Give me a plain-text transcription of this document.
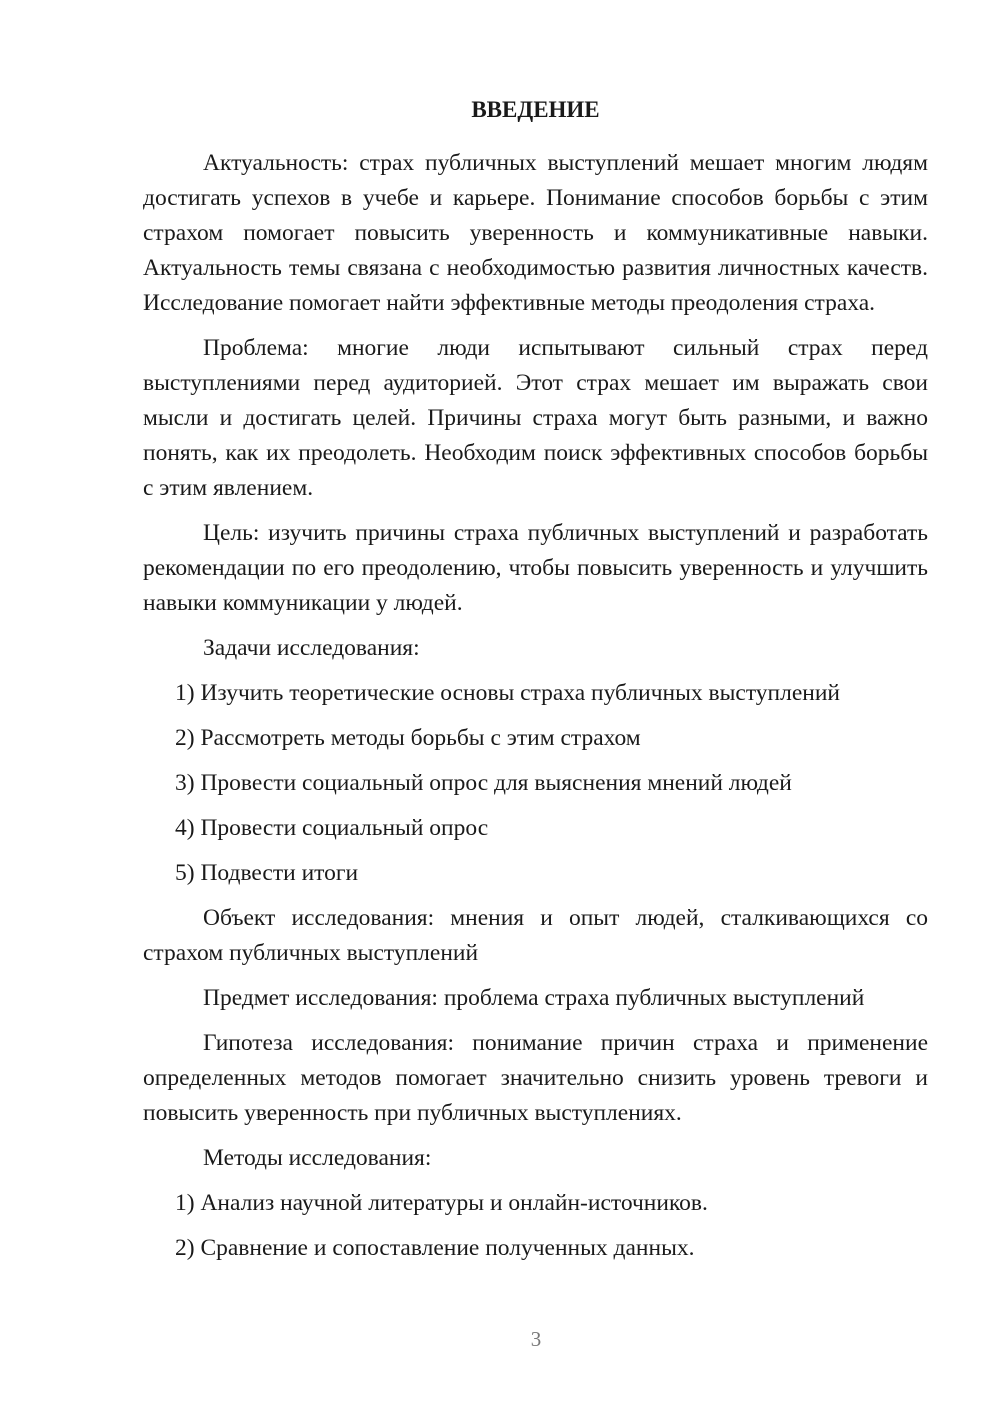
ВВЕДЕНИЕ
Актуальность: страх публичных выступлений мешает многим людям достигать успехов в учебе и карьере. Понимание способов борьбы с этим страхом помогает повысить уверенность и коммуникативные навыки. Актуальность темы связана с необходимостью развития личностных качеств. Исследование помогает найти эффективные методы преодоления страха.
Проблема: многие люди испытывают сильный страх перед выступлениями перед аудиторией. Этот страх мешает им выражать свои мысли и достигать целей. Причины страха могут быть разными, и важно понять, как их преодолеть. Необходим поиск эффективных способов борьбы с этим явлением.
Цель: изучить причины страха публичных выступлений и разработать рекомендации по его преодолению, чтобы повысить уверенность и улучшить навыки коммуникации у людей.
Задачи исследования:
1) Изучить теоретические основы страха публичных выступлений
2) Рассмотреть методы борьбы с этим страхом
3) Провести социальный опрос для выяснения мнений людей
4) Провести социальный опрос
5) Подвести итоги
Объект исследования: мнения и опыт людей, сталкивающихся со страхом публичных выступлений
Предмет исследования: проблема страха публичных выступлений
Гипотеза исследования: понимание причин страха и применение определенных методов помогает значительно снизить уровень тревоги и повысить уверенность при публичных выступлениях.
Методы исследования:
1) Анализ научной литературы и онлайн-источников.
2) Сравнение и сопоставление полученных данных.
3
